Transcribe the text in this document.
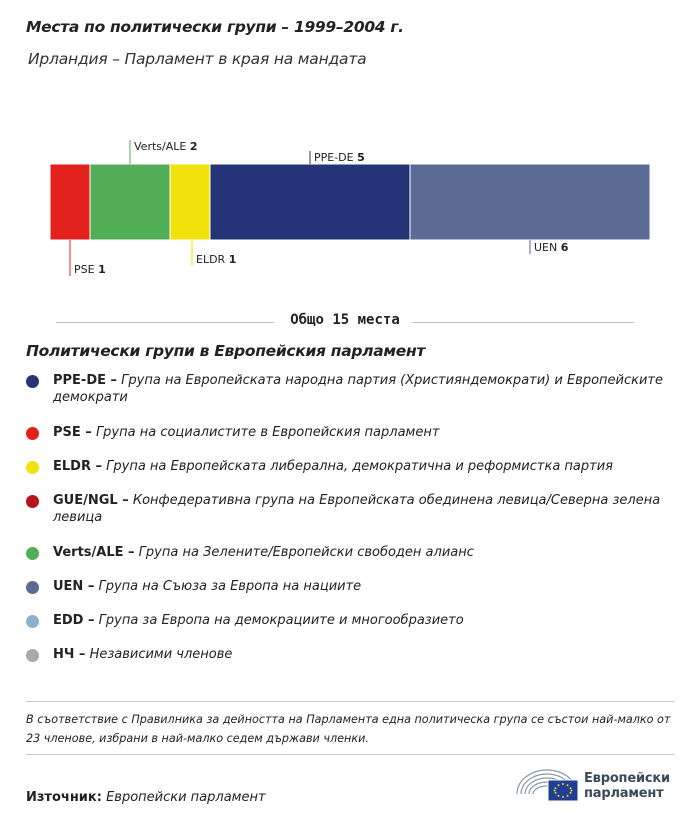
Места по политически групи – 1999–2004 г.
Ирландия – Парламент в края на мандата
PSE 1
Verts/ALE 2
ELDR 1
PPE-DE 5
UEN 6
Общо 15 места
Политически групи в Европейския парламент
PPE-DE – Група на Европейската народна партия (Християндемократи) и Европейските демократи
PSE – Група на социалистите в Европейския парламент
ELDR – Група на Европейската либерална, демократична и реформистка партия
GUE/NGL – Конфедеративна група на Европейската обединена левица/Северна зелена левица
Verts/ALE – Група на Зелените/Европейски свободен алианс
UEN – Група на Съюза за Европа на нациите
EDD – Група за Европа на демокрациите и многообразието
НЧ – Независими членове
В съответствие с Правилника за дейността на Парламента една политическа група се състои най-малко от 23 членове, избрани в най-малко седем държави членки.
Източник: Европейски парламент
Европейски
парламент
